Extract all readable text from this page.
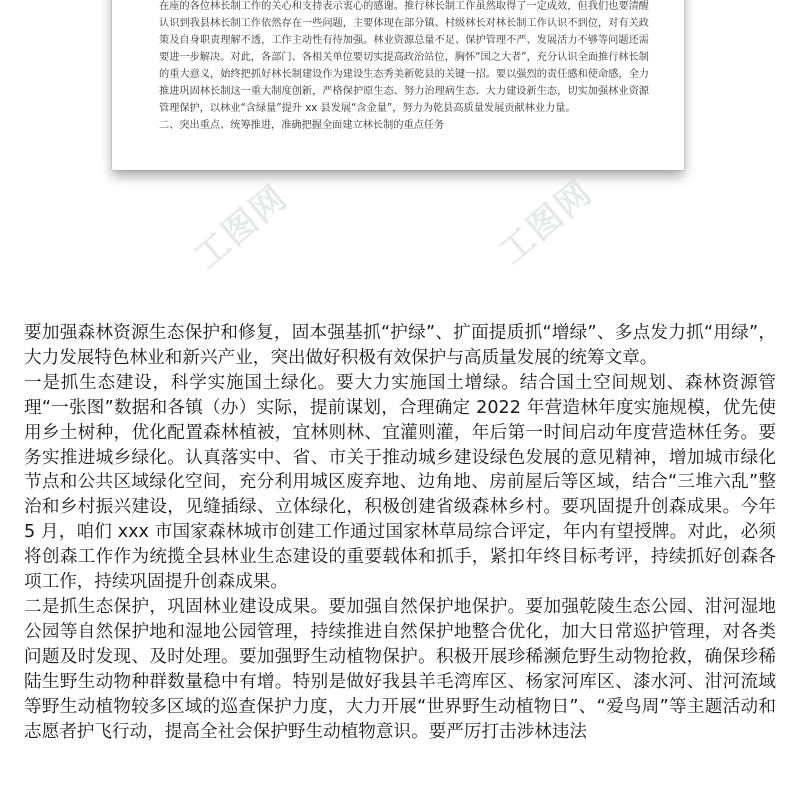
在座的各位林长制工作的关心和支持表示衷心的感谢。推行林长制工作虽然取得了一定成效，但我们也要清醒认识到我县林长制工作依然存在一些问题，主要体现在部分镇、村级林长对林长制工作认识不到位，对有关政策及自身职责理解不透，工作主动性有待加强。林业资源总量不足、保护管理不严、发展活力不够等问题还需要进一步解决。对此，各部门、各相关单位要切实提高政治站位，胸怀“国之大者”，充分认识全面推行林长制的重大意义，始终把抓好林长制建设作为建设生态秀美新乾县的关键一招。要以强烈的责任感和使命感，全力推进巩固林长制这一重大制度创新，严格保护原生态、努力治理病生态、大力建设新生态，切实加强林业资源管理保护，以林业“含绿量”提升 xx 县发展“含金量”，努力为乾县高质量发展贡献林业力量。

二、突出重点、统筹推进，准确把握全面建立林长制的重点任务

工图网	工图网

要加强森林资源生态保护和修复，固本强基抓“护绿”、扩面提质抓“增绿”、多点发力抓“用绿”，大力发展特色林业和新兴产业，突出做好积极有效保护与高质量发展的统筹文章。

一是抓生态建设，科学实施国土绿化。要大力实施国土增绿。结合国土空间规划、森林资源管理“一张图”数据和各镇（办）实际，提前谋划，合理确定 2022 年营造林年度实施规模，优先使用乡土树种，优化配置森林植被，宜林则林、宜灌则灌，年后第一时间启动年度营造林任务。要务实推进城乡绿化。认真落实中、省、市关于推动城乡建设绿色发展的意见精神，增加城市绿化节点和公共区域绿化空间，充分利用城区废弃地、边角地、房前屋后等区域，结合“三堆六乱”整治和乡村振兴建设，见缝插绿、立体绿化，积极创建省级森林乡村。要巩固提升创森成果。今年 5 月，咱们 xxx 市国家森林城市创建工作通过国家林草局综合评定，年内有望授牌。对此，必须将创森工作作为统揽全县林业生态建设的重要载体和抓手，紧扣年终目标考评，持续抓好创森各项工作，持续巩固提升创森成果。

二是抓生态保护，巩固林业建设成果。要加强自然保护地保护。要加强乾陵生态公园、泔河湿地公园等自然保护地和湿地公园管理，持续推进自然保护地整合优化，加大日常巡护管理，对各类问题及时发现、及时处理。要加强野生动植物保护。积极开展珍稀濒危野生动物抢救，确保珍稀陆生野生动物种群数量稳中有增。特别是做好我县羊毛湾库区、杨家河库区、漆水河、泔河流域等野生动植物较多区域的巡查保护力度，大力开展“世界野生动植物日”、“爱鸟周”等主题活动和志愿者护飞行动，提高全社会保护野生动植物意识。要严厉打击涉林违法
